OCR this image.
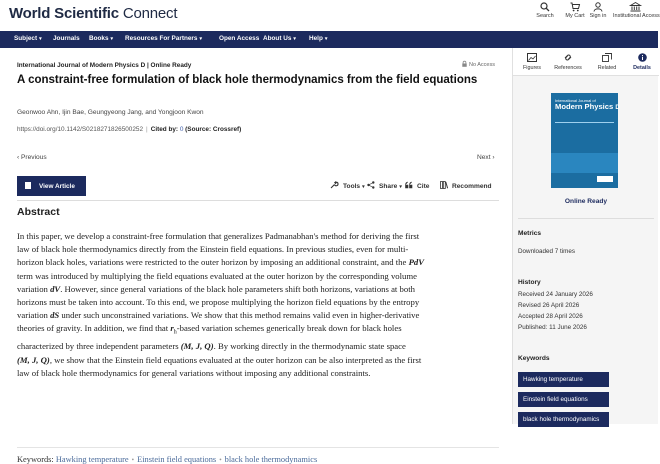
World Scientific Connect	Search	My Cart Sign in	Institutional Access
Subject ▾ Journals Books ▾ Resources For Partners ▾	Open Access About Us ▾ Help ▾
International Journal of Modern Physics D | Online Ready	No Access
A constraint-free formulation of black hole thermodynamics from the field equations
Geonwoo Ahn, Ijin Bae, Geungyeong Jang, and Yongjoon Kwon
https://doi.org/10.1142/S0218271826500252 | Cited by: 0 (Source: Crossref)
‹ Previous	Next ›
View Article	Tools ▾	Share ▾	Cite	Recommend
Abstract
In this paper, we develop a constraint-free formulation that generalizes Padmanabhan's method for deriving the first
law of black hole thermodynamics directly from the Einstein field equations. In previous studies, even for multi-
horizon black holes, variations were restricted to the outer horizon by imposing an additional constraint, and the PdV
term was introduced by multiplying the field equations evaluated at the outer horizon by the corresponding volume
variation dV. However, since general variations of the black hole parameters shift both horizons, variations at both
horizons must be taken into account. To this end, we propose multiplying the horizon field equations by the entropy
variation dS under such unconstrained variations. We show that this method remains valid even in higher-derivative
theories of gravity. In addition, we find that $r_h$-based variation schemes generically break down for black holes
characterized by three independent parameters (M, J, Q). By working directly in the thermodynamic state space
(M, J, Q), we show that the Einstein field equations evaluated at the outer horizon can be also interpreted as the first
law of black hole thermodynamics for general variations without imposing any additional constraints.
Keywords: Hawking temperature • Einstein field equations • black hole thermodynamics
Figures	References	Related	Details
International Journal of
Modern Physics D
Online Ready
Metrics
Downloaded 7 times
History
Received 24 January 2026
Revised 26 April 2026
Accepted 28 April 2026
Published: 11 June 2026
Keywords
Hawking temperature
Einstein field equations
black hole thermodynamics
